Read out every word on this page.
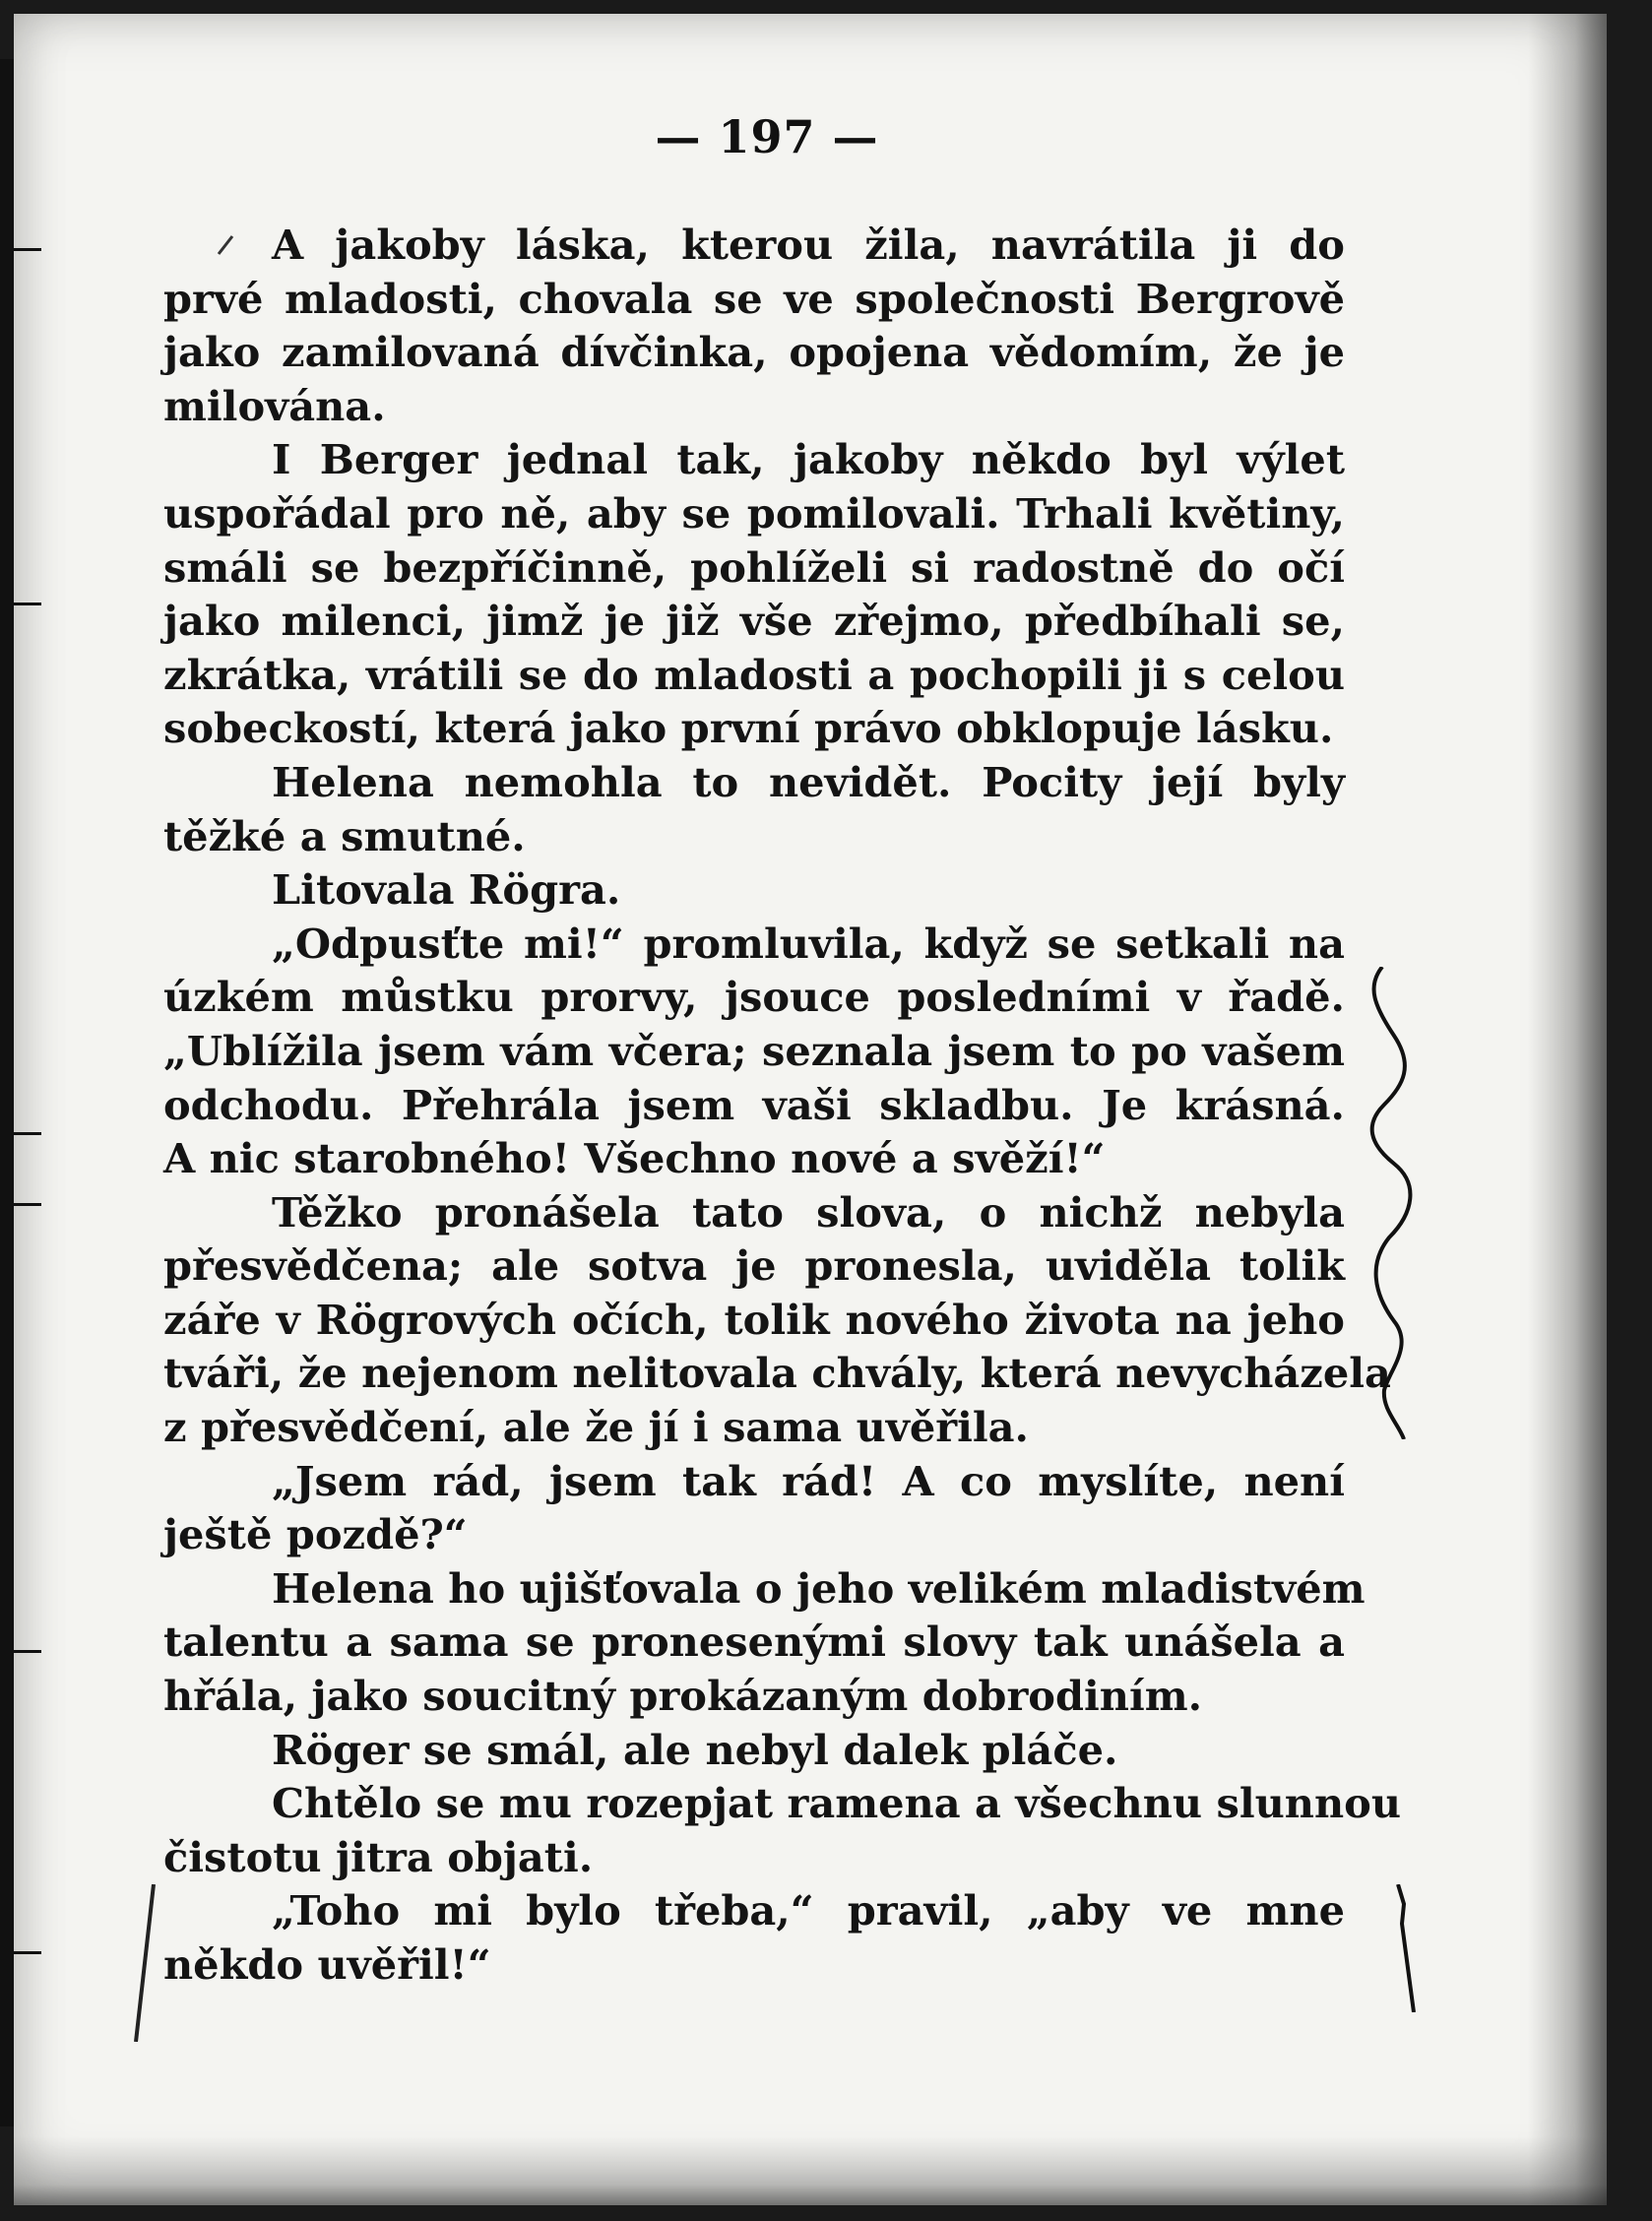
— 197 —
A jakoby láska, kterou žila, navrátila ji do
prvé mladosti, chovala se ve společnosti Bergrově
jako zamilovaná dívčinka, opojena vědomím, že je
milována.
I Berger jednal tak, jakoby někdo byl výlet
uspořádal pro ně, aby se pomilovali. Trhali květiny,
smáli se bezpříčinně, pohlíželi si radostně do očí
jako milenci, jimž je již vše zřejmo, předbíhali se,
zkrátka, vrátili se do mladosti a pochopili ji s celou
sobeckostí, která jako první právo obklopuje lásku.
Helena nemohla to nevidět. Pocity její byly
těžké a smutné.
Litovala Rögra.
„Odpusťte mi!“ promluvila, když se setkali na
úzkém můstku prorvy, jsouce posledními v řadě.
„Ublížila jsem vám včera; seznala jsem to po vašem
odchodu. Přehrála jsem vaši skladbu. Je krásná.
A nic starobného! Všechno nové a svěží!“
Těžko pronášela tato slova, o nichž nebyla
přesvědčena; ale sotva je pronesla, uviděla tolik
záře v Rögrových očích, tolik nového života na jeho
tváři, že nejenom nelitovala chvály, která nevycházela
z přesvědčení, ale že jí i sama uvěřila.
„Jsem rád, jsem tak rád! A co myslíte, není
ještě pozdě?“
Helena ho ujišťovala o jeho velikém mladistvém
talentu a sama se pronesenými slovy tak unášela a
hřála, jako soucitný prokázaným dobrodiním.
Röger se smál, ale nebyl dalek pláče.
Chtělo se mu rozepjat ramena a všechnu slunnou
čistotu jitra objati.
„Toho mi bylo třeba,“ pravil, „aby ve mne
někdo uvěřil!“
